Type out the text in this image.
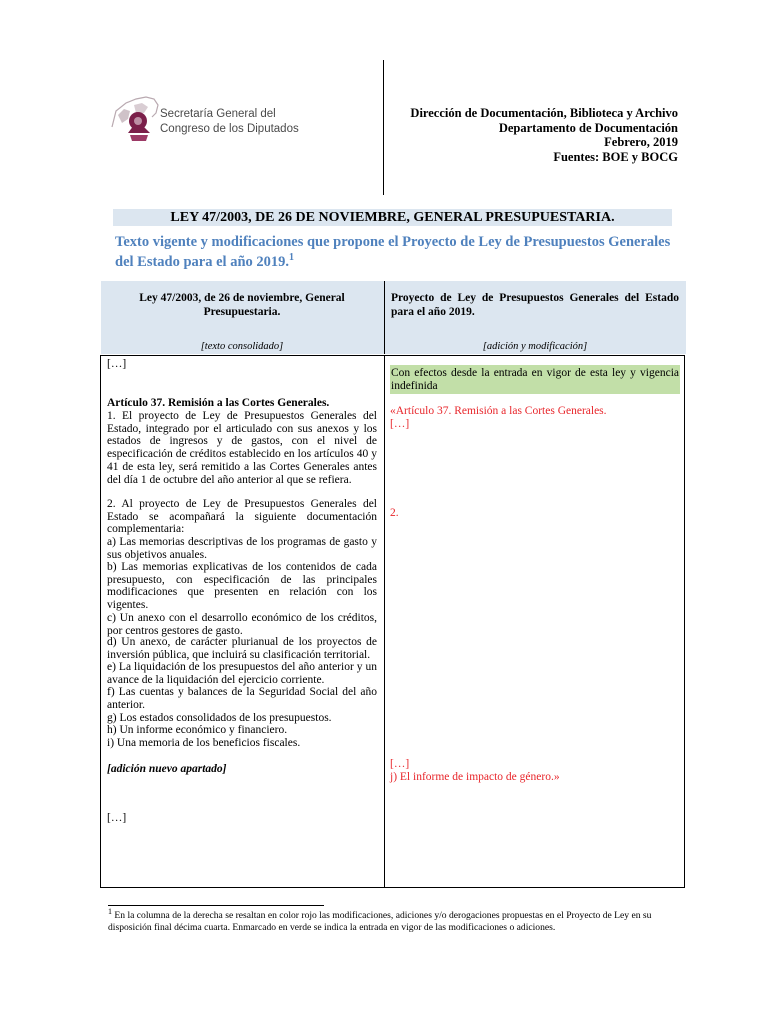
Secretaría General del
Congreso de los Diputados
Dirección de Documentación, Biblioteca y Archivo
Departamento de Documentación
Febrero, 2019
Fuentes: BOE y BOCG
LEY 47/2003, DE 26 DE NOVIEMBRE, GENERAL PRESUPUESTARIA.
Texto vigente y modificaciones que propone el Proyecto de Ley de Presupuestos Generales del Estado para el año 2019.$^1$
Ley 47/2003, de 26 de noviembre, General Presupuestaria.
[texto consolidado]
Proyecto de Ley de Presupuestos Generales del Estado para el año 2019.
[adición y modificación]
[…]
Artículo 37. Remisión a las Cortes Generales.
1. El proyecto de Ley de Presupuestos Generales del Estado, integrado por el articulado con sus anexos y los estados de ingresos y de gastos, con el nivel de especificación de créditos establecido en los artículos 40 y 41 de esta ley, será remitido a las Cortes Generales antes del día 1 de octubre del año anterior al que se refiera.
2. Al proyecto de Ley de Presupuestos Generales del Estado se acompañará la siguiente documentación complementaria:
a) Las memorias descriptivas de los programas de gasto y sus objetivos anuales.
b) Las memorias explicativas de los contenidos de cada presupuesto, con especificación de las principales modificaciones que presenten en relación con los vigentes.
c) Un anexo con el desarrollo económico de los créditos, por centros gestores de gasto.
d) Un anexo, de carácter plurianual de los proyectos de inversión pública, que incluirá su clasificación territorial.
e) La liquidación de los presupuestos del año anterior y un avance de la liquidación del ejercicio corriente.
f) Las cuentas y balances de la Seguridad Social del año anterior.
g) Los estados consolidados de los presupuestos.
h) Un informe económico y financiero.
i) Una memoria de los beneficios fiscales.
[adición nuevo apartado]
[…]
Con efectos desde la entrada en vigor de esta ley y vigencia indefinida
«Artículo 37. Remisión a las Cortes Generales.
[…]
2.
[…]
j) El informe de impacto de género.»
$^1$ En la columna de la derecha se resaltan en color rojo las modificaciones, adiciones y/o derogaciones propuestas en el Proyecto de Ley en su disposición final décima cuarta. Enmarcado en verde se indica la entrada en vigor de las modificaciones o adiciones.
